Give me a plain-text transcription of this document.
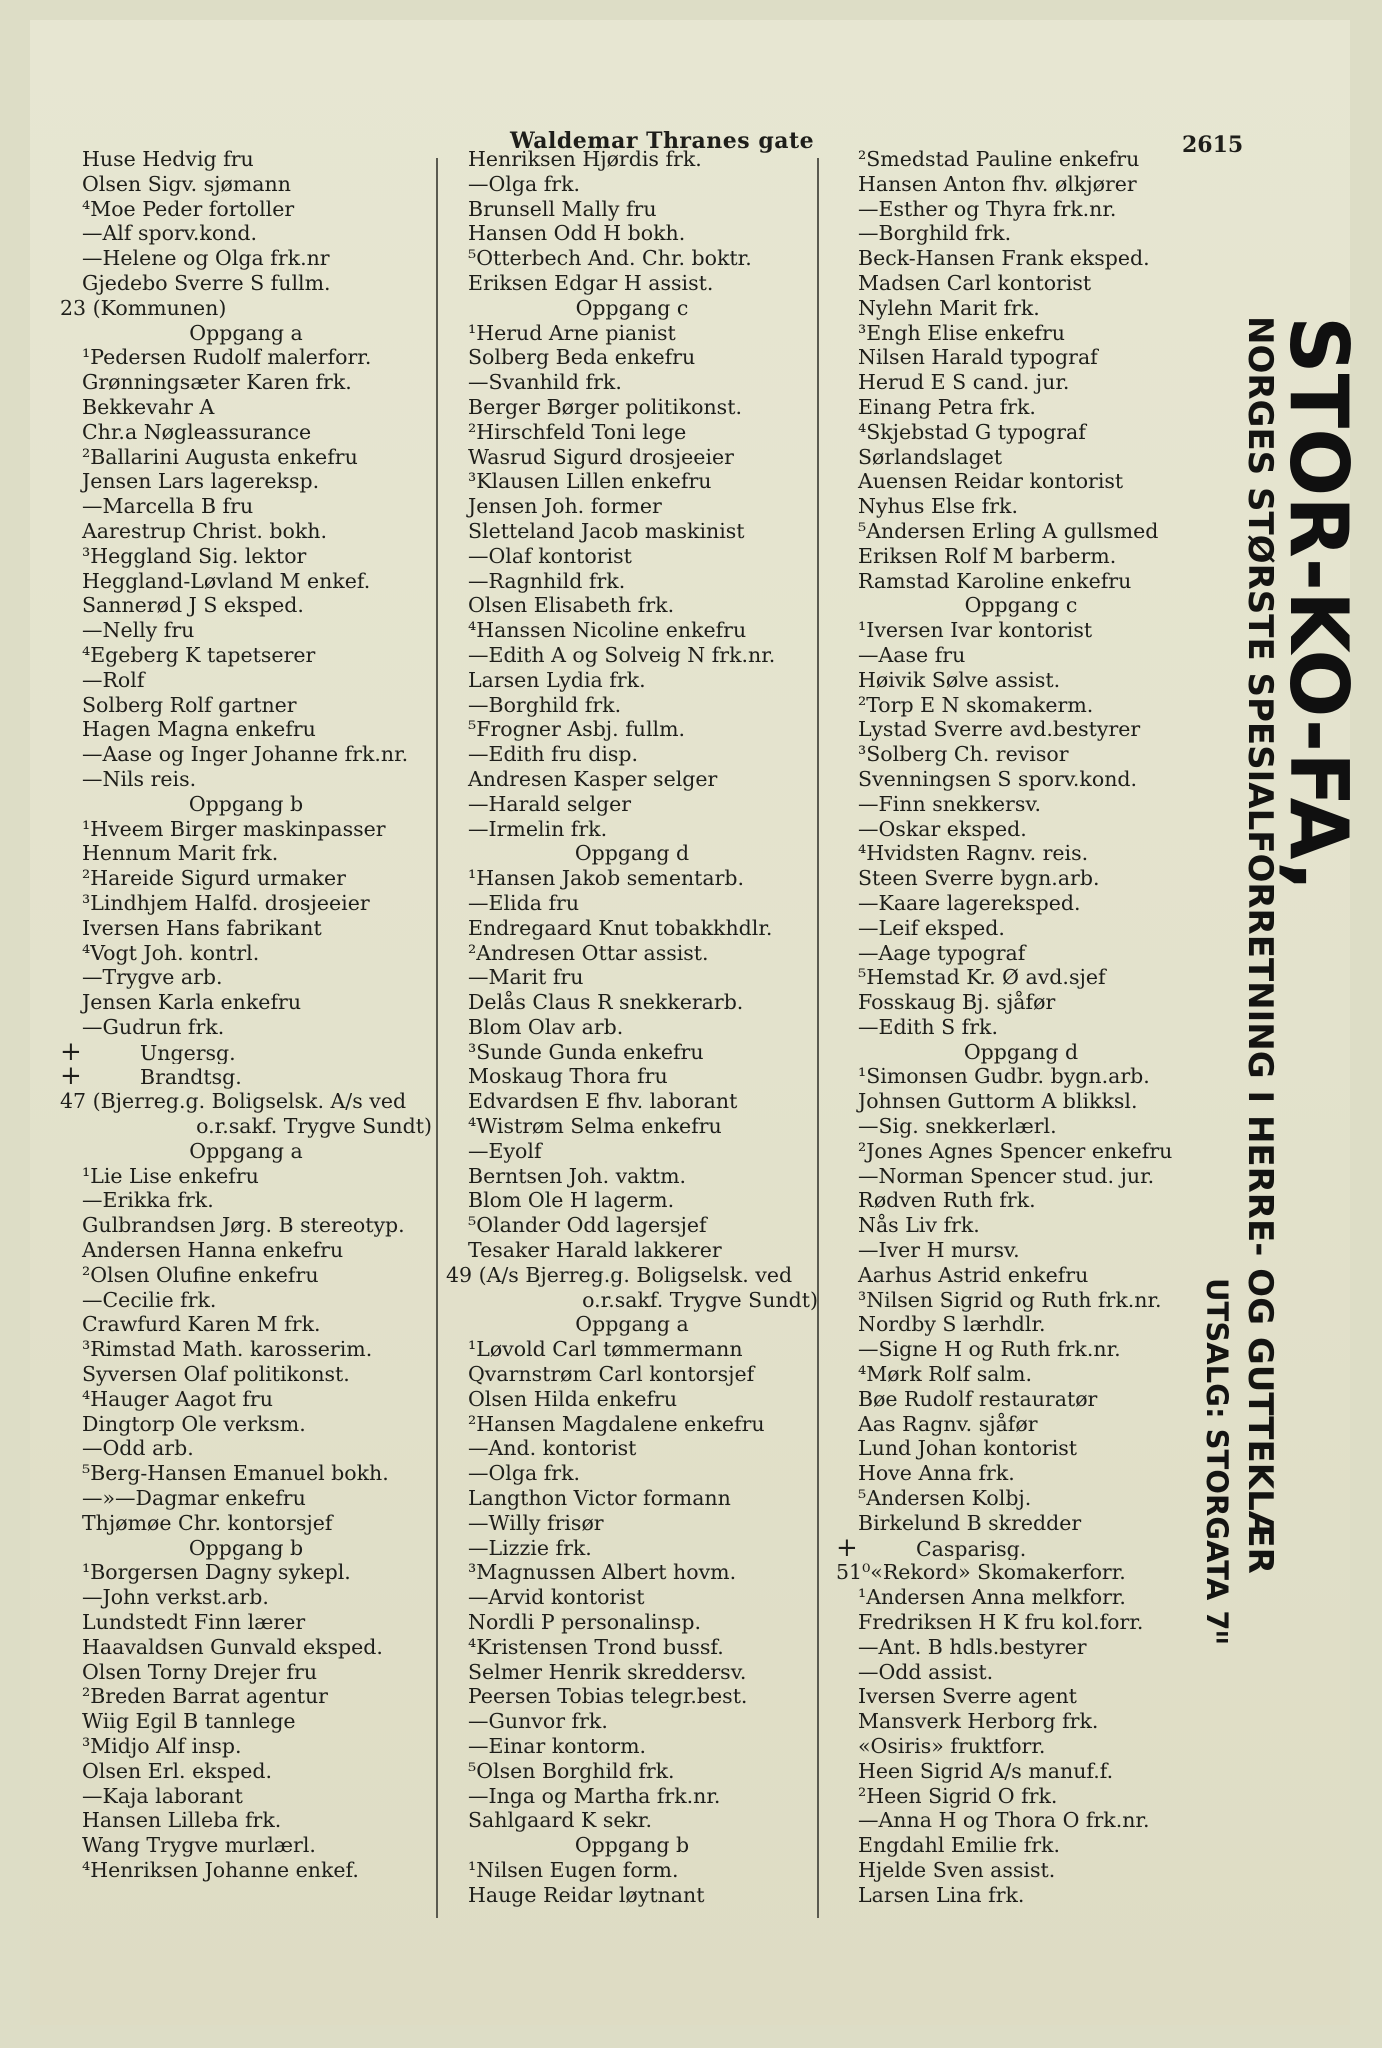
Waldemar Thranes gate	2615
Huse Hedvig fru
Olsen Sigv. sjømann
⁴Moe Peder fortoller
—Alf sporv.kond.
—Helene og Olga frk.nr
Gjedebo Sverre S fullm.
23 (Kommunen)
Oppgang a
¹Pedersen Rudolf malerforr.
Grønningsæter Karen frk.
Bekkevahr A
Chr.a Nøgleassurance
²Ballarini Augusta enkefru
Jensen Lars lagereksp.
—Marcella B fru
Aarestrup Christ. bokh.
³Heggland Sig. lektor
Heggland-Løvland M enkef.
Sannerød J S eksped.
—Nelly fru
⁴Egeberg K tapetserer
—Rolf
Solberg Rolf gartner
Hagen Magna enkefru
—Aase og Inger Johanne frk.nr.
—Nils reis.
Oppgang b
¹Hveem Birger maskinpasser
Hennum Marit frk.
²Hareide Sigurd urmaker
³Lindhjem Halfd. drosjeeier
Iversen Hans fabrikant
⁴Vogt Joh. kontrl.
—Trygve arb.
Jensen Karla enkefru
—Gudrun frk.
+	Ungersg.
+	Brandtsg.
47 (Bjerreg.g. Boligselsk. A/s ved
o.r.sakf. Trygve Sundt)
Oppgang a
¹Lie Lise enkefru
—Erikka frk.
Gulbrandsen Jørg. B stereotyp.
Andersen Hanna enkefru
²Olsen Olufine enkefru
—Cecilie frk.
Crawfurd Karen M frk.
³Rimstad Math. karosserim.
Syversen Olaf politikonst.
⁴Hauger Aagot fru
Dingtorp Ole verksm.
—Odd arb.
⁵Berg-Hansen Emanuel bokh.
—»—Dagmar enkefru
Thjømøe Chr. kontorsjef
Oppgang b
¹Borgersen Dagny sykepl.
—John verkst.arb.
Lundstedt Finn lærer
Haavaldsen Gunvald eksped.
Olsen Torny Drejer fru
²Breden Barrat agentur
Wiig Egil B tannlege
³Midjo Alf insp.
Olsen Erl. eksped.
—Kaja laborant
Hansen Lilleba frk.
Wang Trygve murlærl.
⁴Henriksen Johanne enkef.
Henriksen Hjørdis frk.
—Olga frk.
Brunsell Mally fru
Hansen Odd H bokh.
⁵Otterbech And. Chr. boktr.
Eriksen Edgar H assist.
Oppgang c
¹Herud Arne pianist
Solberg Beda enkefru
—Svanhild frk.
Berger Børger politikonst.
²Hirschfeld Toni lege
Wasrud Sigurd drosjeeier
³Klausen Lillen enkefru
Jensen Joh. former
Sletteland Jacob maskinist
—Olaf kontorist
—Ragnhild frk.
Olsen Elisabeth frk.
⁴Hanssen Nicoline enkefru
—Edith A og Solveig N frk.nr.
Larsen Lydia frk.
—Borghild frk.
⁵Frogner Asbj. fullm.
—Edith fru disp.
Andresen Kasper selger
—Harald selger
—Irmelin frk.
Oppgang d
¹Hansen Jakob sementarb.
—Elida fru
Endregaard Knut tobakkhdlr.
²Andresen Ottar assist.
—Marit fru
Delås Claus R snekkerarb.
Blom Olav arb.
³Sunde Gunda enkefru
Moskaug Thora fru
Edvardsen E fhv. laborant
⁴Wistrøm Selma enkefru
—Eyolf
Berntsen Joh. vaktm.
Blom Ole H lagerm.
⁵Olander Odd lagersjef
Tesaker Harald lakkerer
49 (A/s Bjerreg.g. Boligselsk. ved
o.r.sakf. Trygve Sundt)
Oppgang a
¹Løvold Carl tømmermann
Qvarnstrøm Carl kontorsjef
Olsen Hilda enkefru
²Hansen Magdalene enkefru
—And. kontorist
—Olga frk.
Langthon Victor formann
—Willy frisør
—Lizzie frk.
³Magnussen Albert hovm.
—Arvid kontorist
Nordli P personalinsp.
⁴Kristensen Trond bussf.
Selmer Henrik skreddersv.
Peersen Tobias telegr.best.
—Gunvor frk.
—Einar kontorm.
⁵Olsen Borghild frk.
—Inga og Martha frk.nr.
Sahlgaard K sekr.
Oppgang b
¹Nilsen Eugen form.
Hauge Reidar løytnant
²Smedstad Pauline enkefru
Hansen Anton fhv. ølkjører
—Esther og Thyra frk.nr.
—Borghild frk.
Beck-Hansen Frank eksped.
Madsen Carl kontorist
Nylehn Marit frk.
³Engh Elise enkefru
Nilsen Harald typograf
Herud E S cand. jur.
Einang Petra frk.
⁴Skjebstad G typograf
Sørlandslaget
Auensen Reidar kontorist
Nyhus Else frk.
⁵Andersen Erling A gullsmed
Eriksen Rolf M barberm.
Ramstad Karoline enkefru
Oppgang c
¹Iversen Ivar kontorist
—Aase fru
Høivik Sølve assist.
²Torp E N skomakerm.
Lystad Sverre avd.bestyrer
³Solberg Ch. revisor
Svenningsen S sporv.kond.
—Finn snekkersv.
—Oskar eksped.
⁴Hvidsten Ragnv. reis.
Steen Sverre bygn.arb.
—Kaare lagereksped.
—Leif eksped.
—Aage typograf
⁵Hemstad Kr. Ø avd.sjef
Fosskaug Bj. sjåfør
—Edith S frk.
Oppgang d
¹Simonsen Gudbr. bygn.arb.
Johnsen Guttorm A blikksl.
—Sig. snekkerlærl.
²Jones Agnes Spencer enkefru
—Norman Spencer stud. jur.
Rødven Ruth frk.
Nås Liv frk.
—Iver H mursv.
Aarhus Astrid enkefru
³Nilsen Sigrid og Ruth frk.nr.
Nordby S lærhdlr.
—Signe H og Ruth frk.nr.
⁴Mørk Rolf salm.
Bøe Rudolf restauratør
Aas Ragnv. sjåfør
Lund Johan kontorist
Hove Anna frk.
⁵Andersen Kolbj.
Birkelund B skredder
+	Casparisg.
51⁰«Rekord» Skomakerforr.
¹Andersen Anna melkforr.
Fredriksen H K fru kol.forr.
—Ant. B hdls.bestyrer
—Odd assist.
Iversen Sverre agent
Mansverk Herborg frk.
«Osiris» fruktforr.
Heen Sigrid A/s manuf.f.
²Heen Sigrid O frk.
—Anna H og Thora O frk.nr.
Engdahl Emilie frk.
Hjelde Sven assist.
Larsen Lina frk.
STOR-KO-FA,
NORGES STØRSTE SPESIALFORRETNING I HERRE- OG GUTTEKLÆR
UTSALG: STORGATA 7ᴵᴵ
